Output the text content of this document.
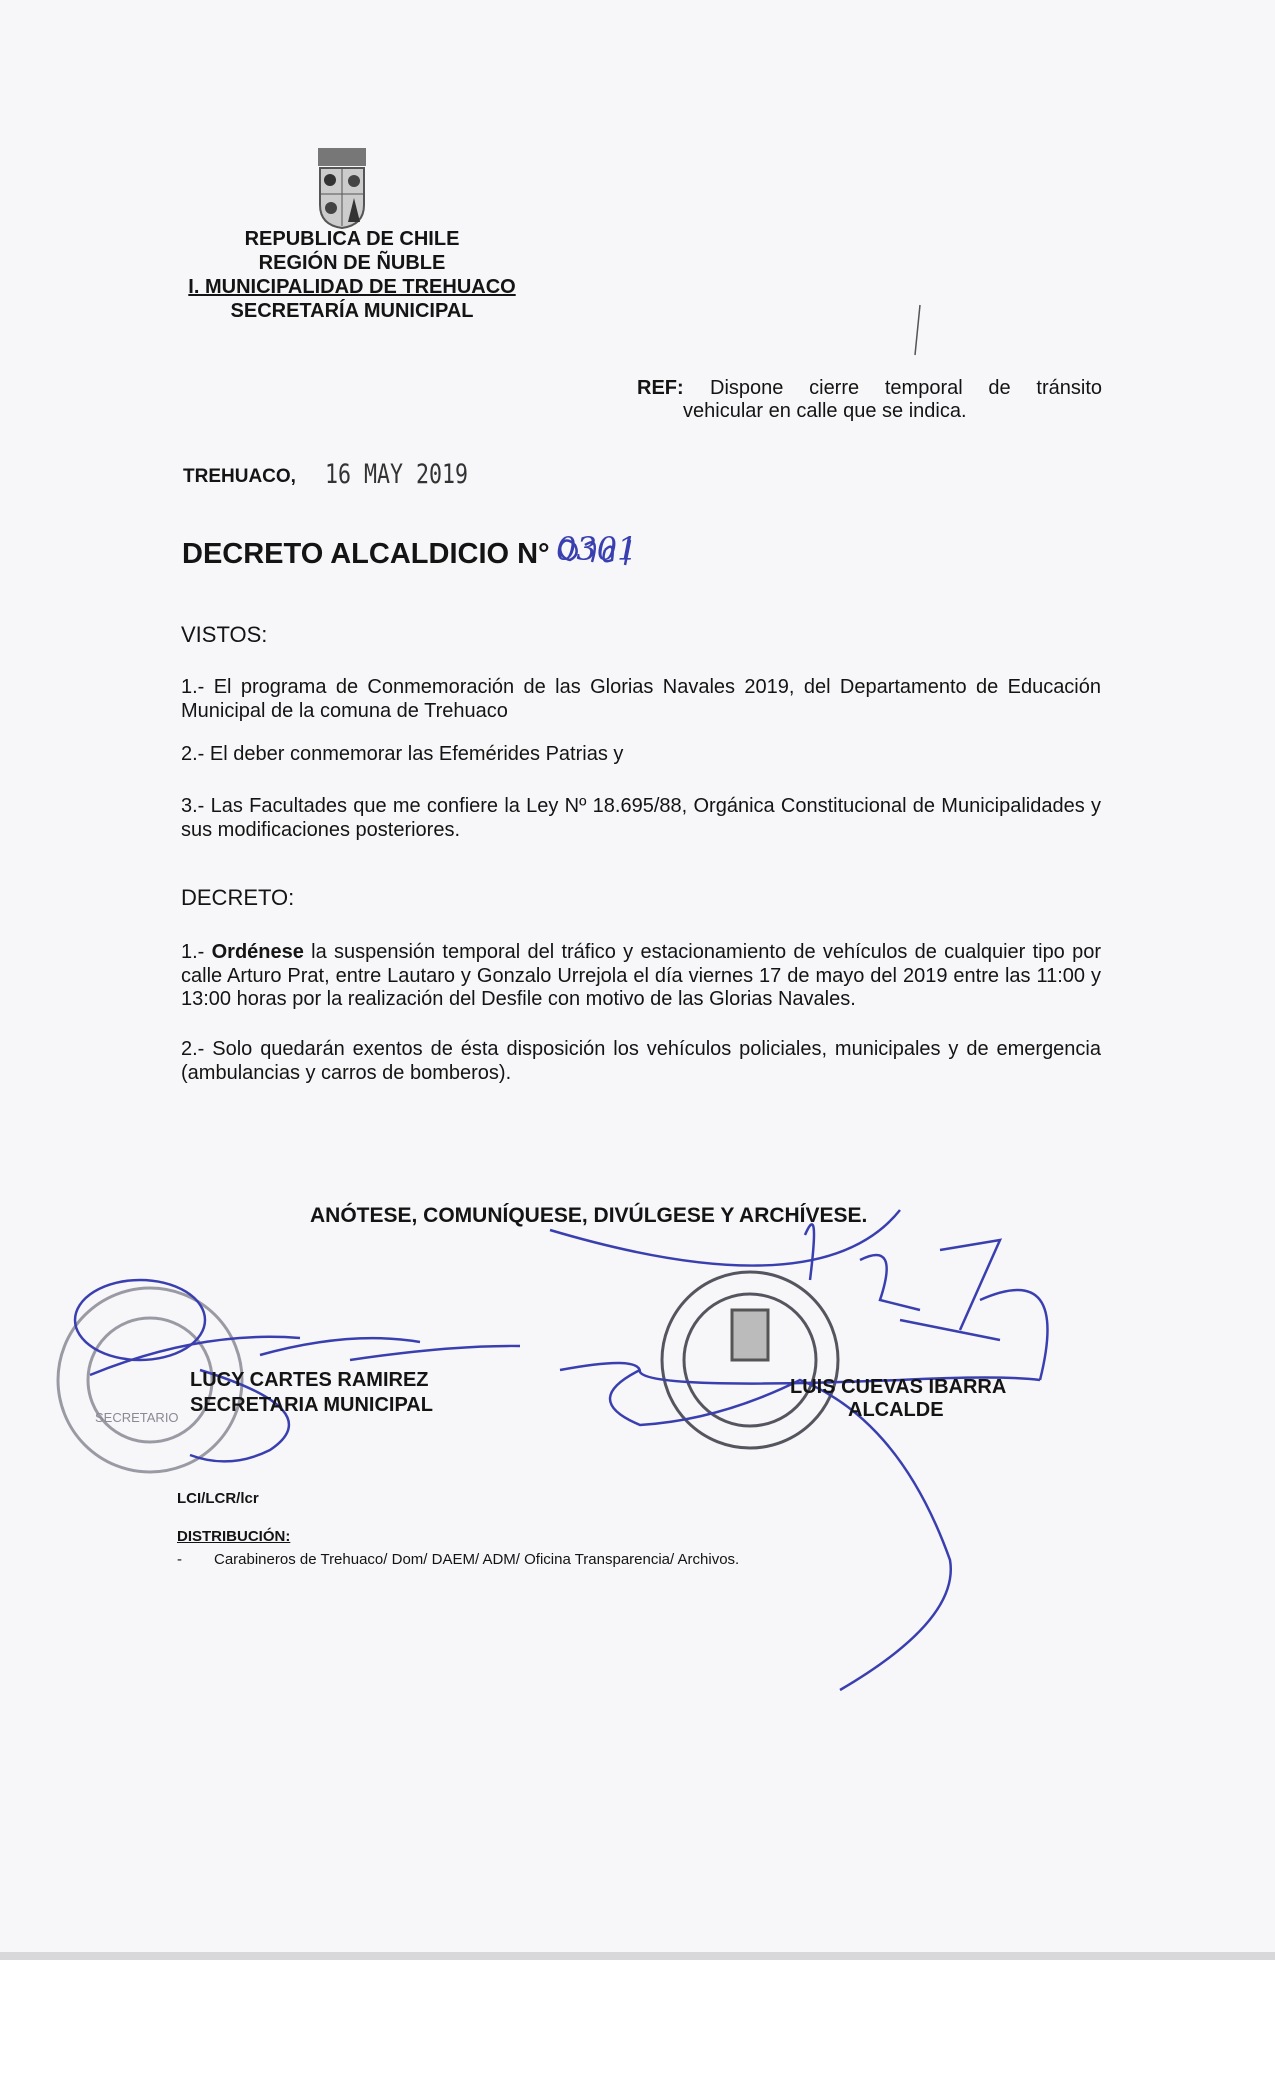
SECRETARIO
REPUBLICA DE CHILE
REGIÓN DE ÑUBLE
I. MUNICIPALIDAD DE TREHUACO
SECRETARÍA MUNICIPAL
REF: Dispone cierre temporal de tránsito
vehicular en calle que se indica.
TREHUACO, 16 MAY 2019
DECRETO ALCALDICIO N° 0301
VISTOS:
1.- El programa de Conmemoración de las Glorias Navales 2019, del Departamento de Educación Municipal de la comuna de Trehuaco
2.- El deber conmemorar las Efemérides Patrias y
3.- Las Facultades que me confiere la Ley Nº 18.695/88, Orgánica Constitucional de Municipalidades y sus modificaciones posteriores.
DECRETO:
1.- Ordénese la suspensión temporal del tráfico y estacionamiento de vehículos de cualquier tipo por calle Arturo Prat, entre Lautaro y Gonzalo Urrejola el día viernes 17 de mayo del 2019 entre las 11:00 y 13:00 horas por la realización del Desfile con motivo de las Glorias Navales.
2.- Solo quedarán exentos de ésta disposición los vehículos policiales, municipales y de emergencia (ambulancias y carros de bomberos).
ANÓTESE, COMUNÍQUESE, DIVÚLGESE Y ARCHÍVESE.
LUCY CARTES RAMIREZ
SECRETARIA MUNICIPAL
LUIS CUEVAS IBARRA
ALCALDE
LCI/LCR/lcr
DISTRIBUCIÓN:
- Carabineros de Trehuaco/ Dom/ DAEM/ ADM/ Oficina Transparencia/ Archivos.
